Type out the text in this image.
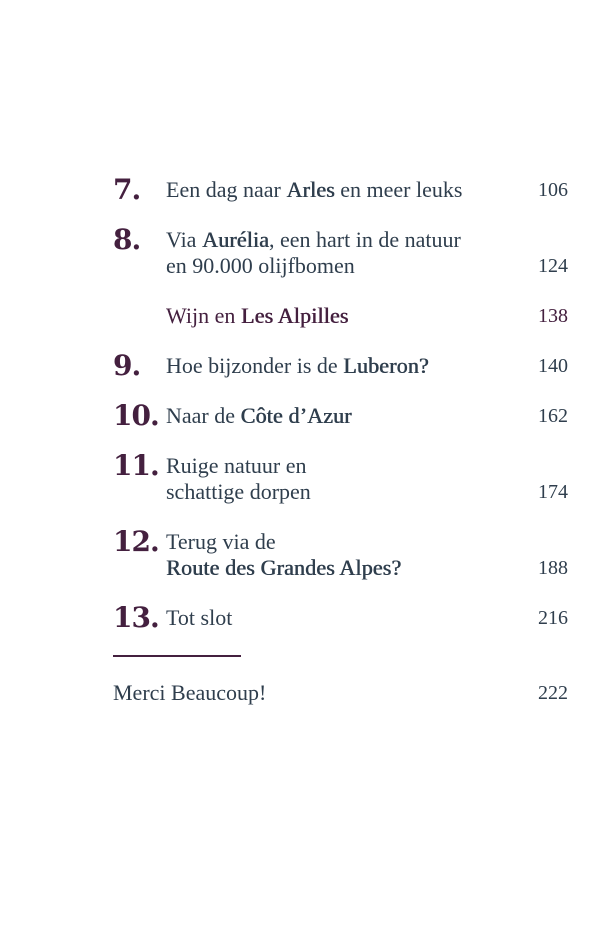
7.	Een dag naar Arles en meer leuks	106
8.	Via Aurélia, een hart in de natuur
en 90.000 olijfbomen	124
Wijn en Les Alpilles	138
9.	Hoe bijzonder is de Luberon?	140
10. Naar de Côte d’Azur	162
11. Ruige natuur en
schattige dorpen	174
12. Terug via de
Route des Grandes Alpes?	188
13. Tot slot	216
Merci Beaucoup!	222
